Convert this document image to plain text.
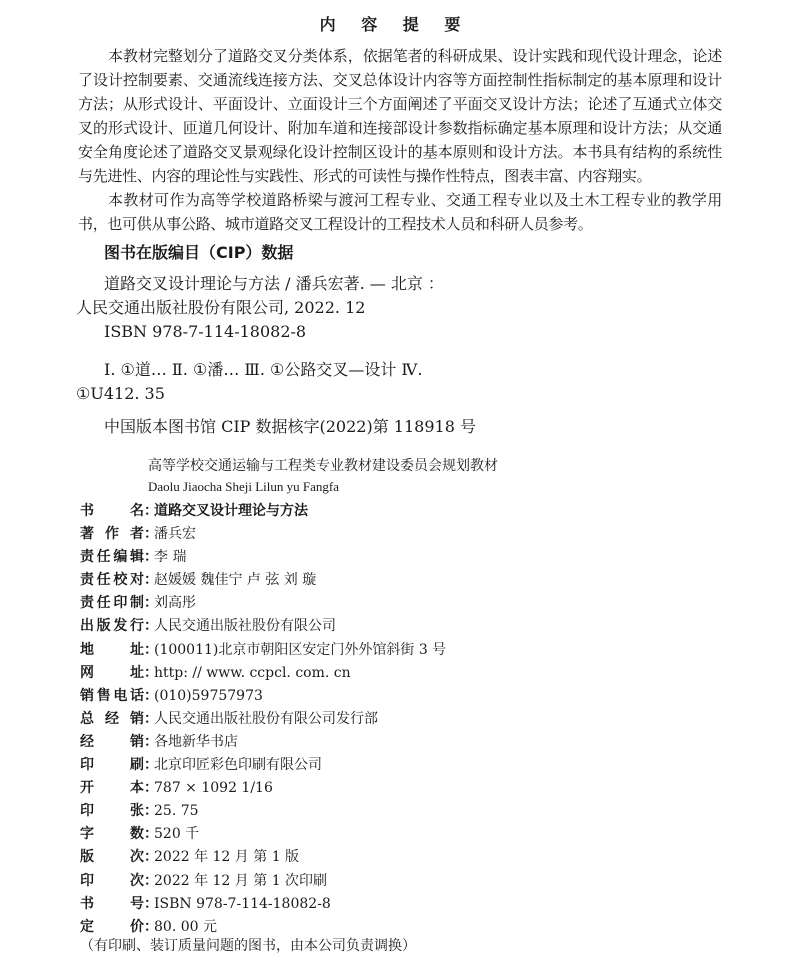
内 容 提 要

本教材完整划分了道路交叉分类体系，依据笔者的科研成果、设计实践和现代设计理念，论述了设计控制要素、交通流线连接方法、交叉总体设计内容等方面控制性指标制定的基本原理和设计方法；从形式设计、平面设计、立面设计三个方面阐述了平面交叉设计方法；论述了互通式立体交叉的形式设计、匝道几何设计、附加车道和连接部设计参数指标确定基本原理和设计方法；从交通安全角度论述了道路交叉景观绿化设计控制区设计的基本原则和设计方法。本书具有结构的系统性与先进性、内容的理论性与实践性、形式的可读性与操作性特点，图表丰富、内容翔实。

本教材可作为高等学校道路桥梁与渡河工程专业、交通工程专业以及土木工程专业的教学用书，也可供从事公路、城市道路交叉工程设计的工程技术人员和科研人员参考。

图书在版编目（CIP）数据
道路交叉设计理论与方法 / 潘兵宏著. — 北京 ：
人民交通出版社股份有限公司, 2022. 12
ISBN 978-7-114-18082-8
Ⅰ. ①道… Ⅱ. ①潘… Ⅲ. ①公路交叉—设计 Ⅳ.
①U412. 35
中国版本图书馆 CIP 数据核字(2022)第 118918 号
高等学校交通运输与工程类专业教材建设委员会规划教材
Daolu Jiaocha Sheji Lilun yu Fangfa
书	名 ：
道路交叉设计理论与方法
著 作 者 ：
潘兵宏
责 任 编 辑 ：
李 瑞
责 任 校 对 ：
赵媛媛 魏佳宁 卢 弦 刘 璇
责 任 印 制 ：
刘高彤
出 版 发 行 ：
人民交通出版社股份有限公司
地	址 ：
(100011)北京市朝阳区安定门外外馆斜街 3 号
网	址 ：
http: // www. ccpcl. com. cn
销 售 电 话 ：
(010)59757973
总 经 销 ：
人民交通出版社股份有限公司发行部
经	销 ：
各地新华书店
印	刷 ：
北京印匠彩色印刷有限公司
开	本 ：
787 × 1092 1/16
印	张 ：
25. 75
字	数 ：
520 千
版	次 ：
2022 年 12 月 第 1 版
印	次 ：
2022 年 12 月 第 1 次印刷
书	号 ：
ISBN 978-7-114-18082-8
定	价 ：
80. 00 元
（有印刷、装订质量问题的图书，由本公司负责调换）
